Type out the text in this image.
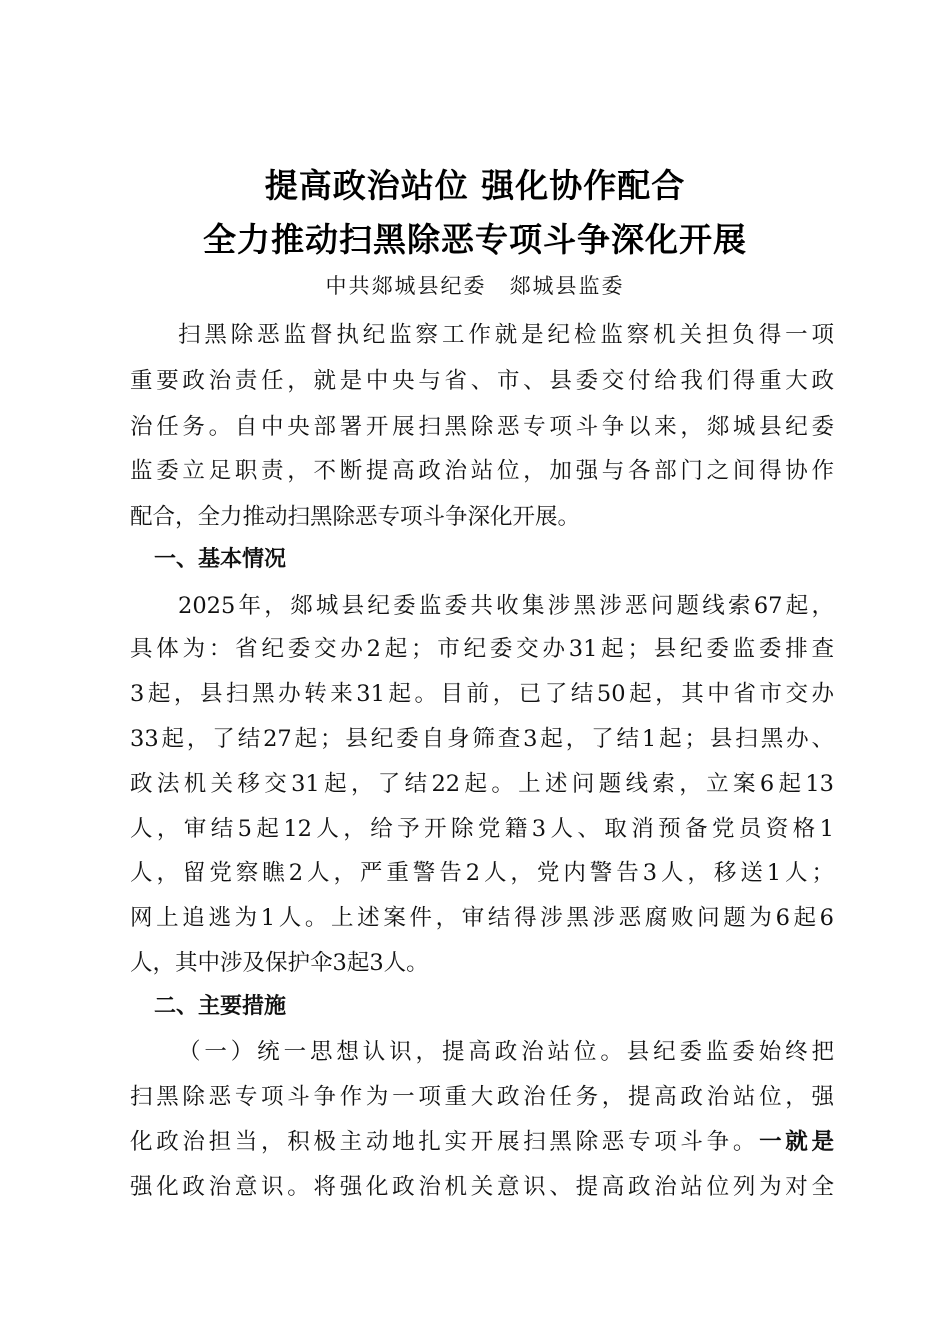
提高政治站位 强化协作配合
全力推动扫黑除恶专项斗争深化开展
中共郯城县纪委　郯城县监委
扫黑除恶监督执纪监察工作就是纪检监察机关担负得一项
重要政治责任，就是中央与省、市、县委交付给我们得重大政
治任务。自中央部署开展扫黑除恶专项斗争以来，郯城县纪委
监委立足职责，不断提高政治站位，加强与各部门之间得协作
配合，全力推动扫黑除恶专项斗争深化开展。
一、基本情况
2025年，郯城县纪委监委共收集涉黑涉恶问题线索67起，
具体为：省纪委交办2起；市纪委交办31起；县纪委监委排查
3起，县扫黑办转来31起。目前，已了结50起，其中省市交办
33起，了结27起；县纪委自身筛查3起，了结1起；县扫黑办、
政法机关移交31起，了结22起。上述问题线索，立案6起13
人，审结5起12人，给予开除党籍3人、取消预备党员资格1
人，留党察瞧2人，严重警告2人，党内警告3人，移送1人；
网上追逃为1人。上述案件，审结得涉黑涉恶腐败问题为6起6
人，其中涉及保护伞3起3人。
二、主要措施
（一）统一思想认识，提高政治站位。县纪委监委始终把
扫黑除恶专项斗争作为一项重大政治任务，提高政治站位，强
化政治担当，积极主动地扎实开展扫黑除恶专项斗争。一就是
强化政治意识。将强化政治机关意识、提高政治站位列为对全
